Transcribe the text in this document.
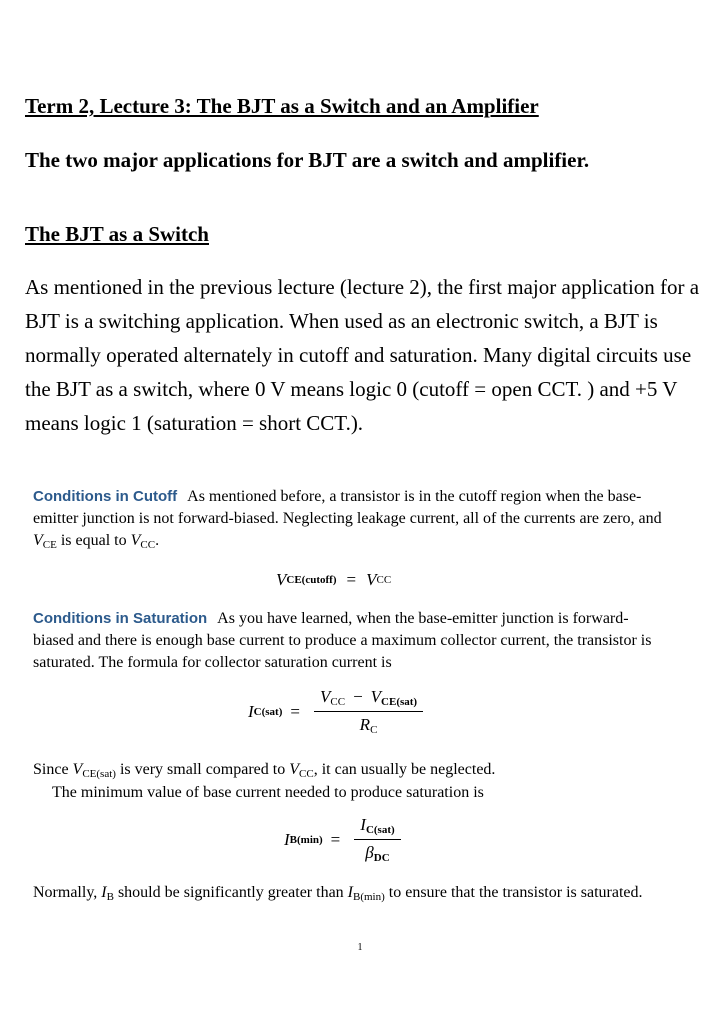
Term 2, Lecture 3: The BJT as a Switch and an Amplifier
The two major applications for BJT are a switch and amplifier.
The BJT as a Switch
As mentioned in the previous lecture (lecture 2), the first major application for a BJT is a switching application. When used as an electronic switch, a BJT is normally operated alternately in cutoff and saturation. Many digital circuits use the BJT as a switch, where 0 V means logic 0 (cutoff = open CCT. ) and +5 V means logic 1 (saturation = short CCT.).
Conditions in Cutoff As mentioned before, a transistor is in the cutoff region when the base-emitter junction is not forward-biased. Neglecting leakage current, all of the currents are zero, and $V_{CE}$ is equal to $V_{CC}$.
V CE(cutoff) = V CC
Conditions in Saturation As you have learned, when the base-emitter junction is forward-biased and there is enough base current to produce a maximum collector current, the transistor is saturated. The formula for collector saturation current is
I $C(sat) = \frac{V_{CC} - VCE(sat)}{R_C}$
Since $V_{CE(sat)}$ is very small compared to $V_{CC}$, it can usually be neglected.
The minimum value of base current needed to produce saturation is
I $B(\min) = \frac{\text{IC(sat)}}{\text{βDC}}$
Normally, $I_B$ should be significantly greater than $I_{B(min)}$ to ensure that the transistor is saturated.
1
